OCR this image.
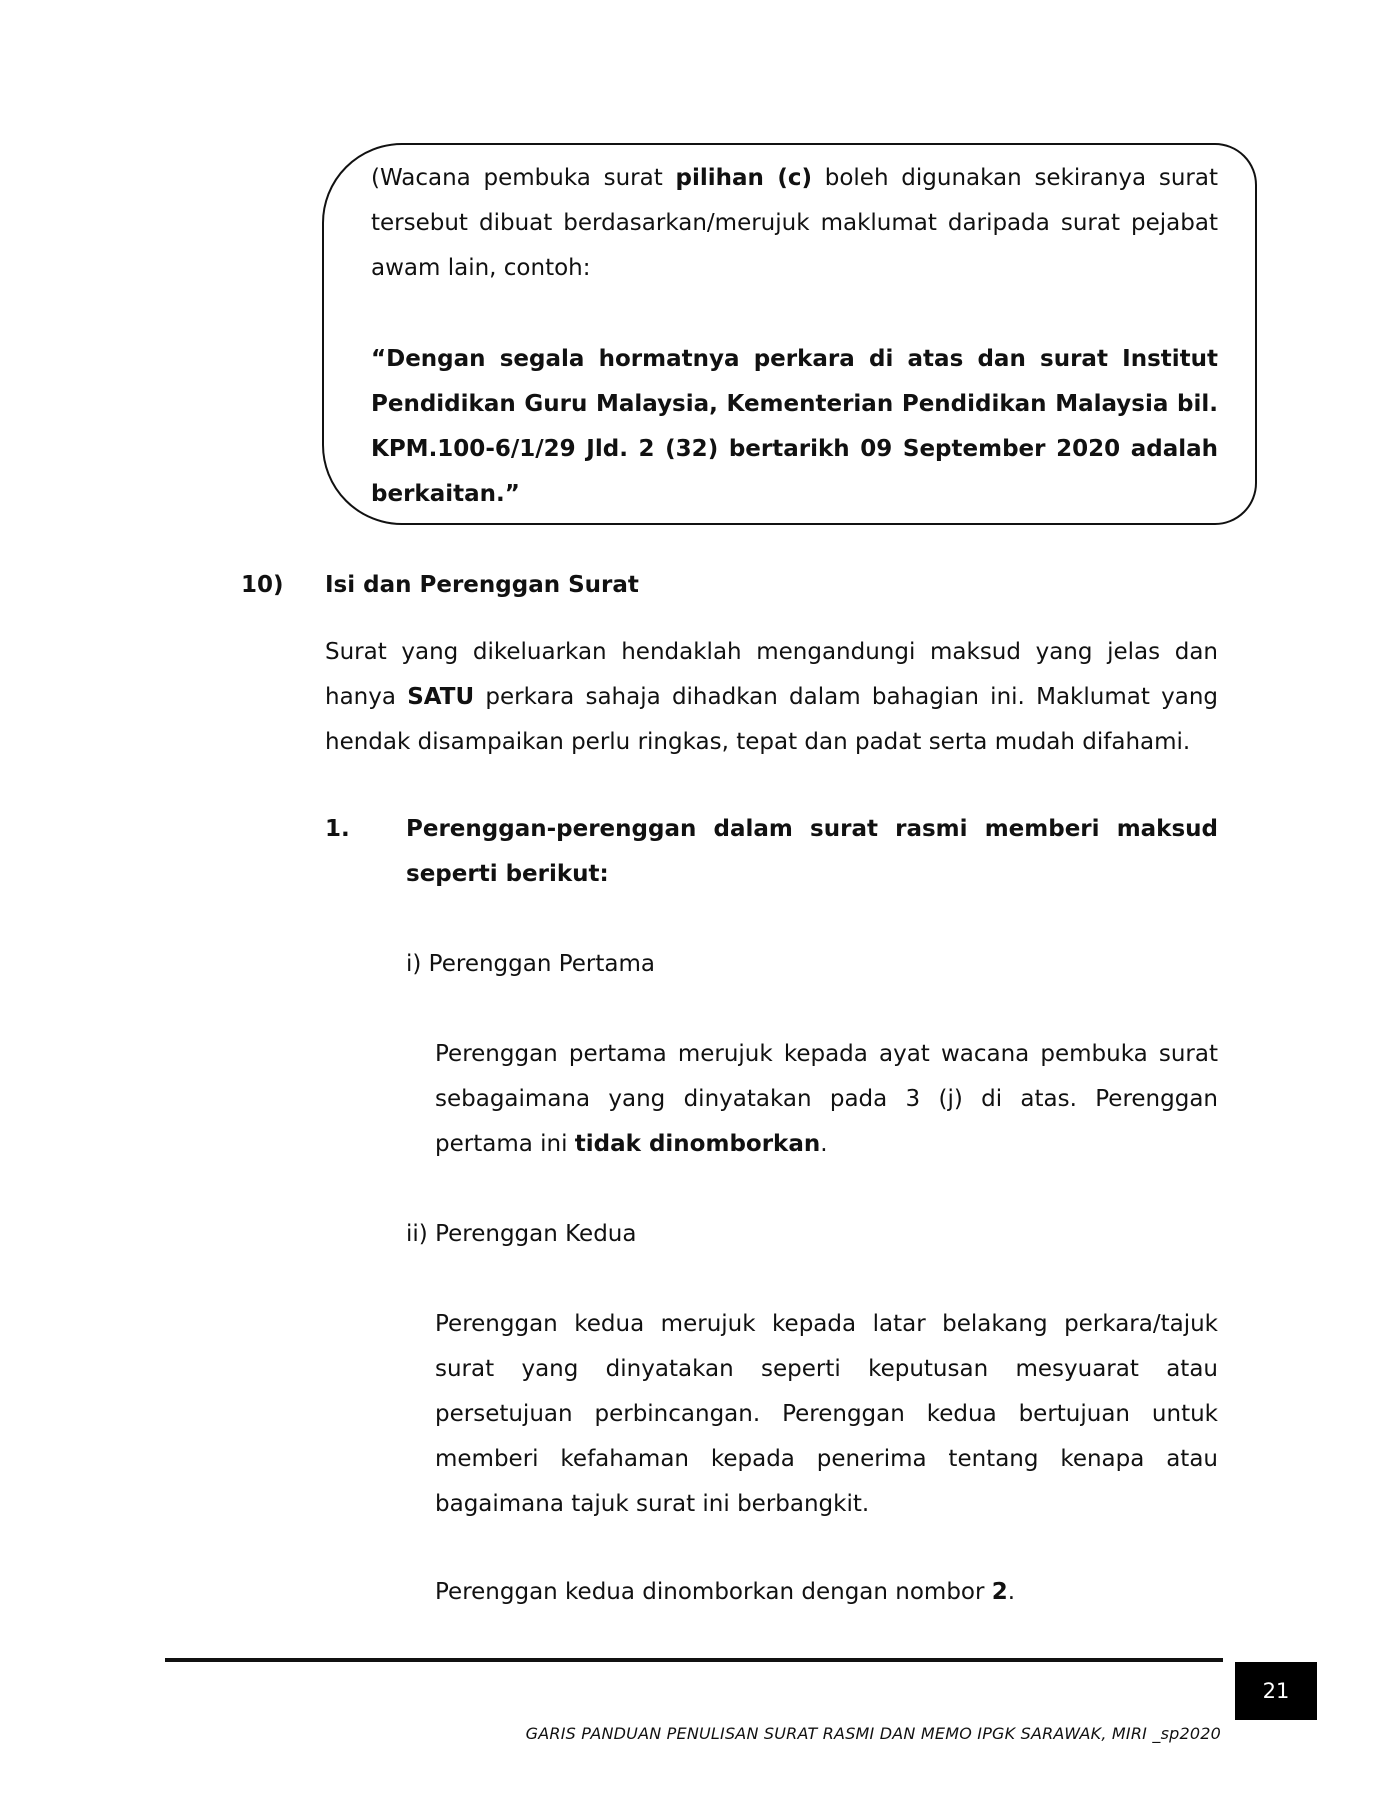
(Wacana pembuka surat pilihan (c) boleh digunakan sekiranya surat tersebut dibuat berdasarkan/merujuk maklumat daripada surat pejabat awam lain, contoh:

“Dengan segala hormatnya perkara di atas dan surat Institut Pendidikan Guru Malaysia, Kementerian Pendidikan Malaysia bil. KPM.100-6/1/29 Jld. 2 (32) bertarikh 09 September 2020 adalah berkaitan.”

10) Isi dan Perenggan Surat

Surat yang dikeluarkan hendaklah mengandungi maksud yang jelas dan hanya SATU perkara sahaja dihadkan dalam bahagian ini. Maklumat yang hendak disampaikan perlu ringkas, tepat dan padat serta mudah difahami.

1. Perenggan-perenggan dalam surat rasmi memberi maksud seperti berikut:

i) Perenggan Pertama

Perenggan pertama merujuk kepada ayat wacana pembuka surat sebagaimana yang dinyatakan pada 3 (j) di atas. Perenggan pertama ini tidak dinomborkan.

ii) Perenggan Kedua

Perenggan kedua merujuk kepada latar belakang perkara/tajuk surat yang dinyatakan seperti keputusan mesyuarat atau persetujuan perbincangan. Perenggan kedua bertujuan untuk memberi kefahaman kepada penerima tentang kenapa atau bagaimana tajuk surat ini berbangkit.

Perenggan kedua dinomborkan dengan nombor 2.
21
GARIS PANDUAN PENULISAN SURAT RASMI DAN MEMO IPGK SARAWAK, MIRI _sp2020
